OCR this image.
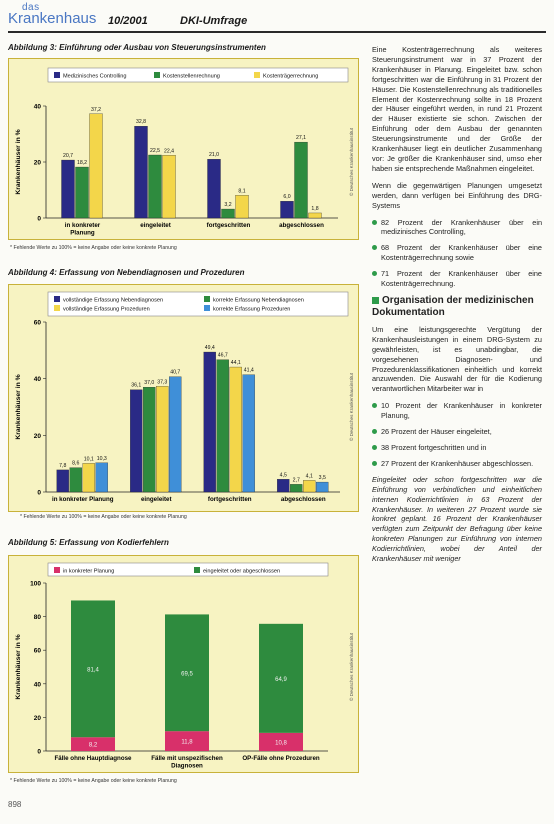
das
Krankenhaus 10/2001	DKI-Umfrage
Abbildung 3: Einführung oder Ausbau von Steuerungsinstrumenten
Medizinisches Controlling	Kostenstellenrechnung	Kostenträgerrechnung
0
20
40
Krankenhäuser in %	© Deutsches Krankenhausinstitut
20,7
18,2
37,2
in konkreter
Planung
32,8
22,5 22,4
eingeleitet
21,0
3,2
8,1
fortgeschritten
6,0
27,1
1,8
abgeschlossen
* Fehlende Werte zu 100% = keine Angabe oder keine konkrete Planung
Abbildung 4: Erfassung von Nebendiagnosen und Prozeduren
vollständige Erfassung Nebendiagnosen	korrekte Erfassung Nebendiagnosen
vollständige Erfassung Prozeduren	korrekte Erfassung Prozeduren
0
20
40
60
Krankenhäuser in %	© Deutsches Krankenhausinstitut
7,8 8,6
10,1 10,3
in konkreter Planung
36,1 37,0 37,3
40,7
eingeleitet
49,4
46,7
44,1
41,4
fortgeschritten
4,5
2,7
4,1 3,5
abgeschlossen
* Fehlende Werte zu 100% = keine Angabe oder keine konkrete Planung
Abbildung 5: Erfassung von Kodierfehlern
in konkreter Planung	eingeleitet oder abgeschlossen
0
20
40
60
80
100
Krankenhäuser in %	© Deutsches Krankenhausinstitut
8,2
81,4
Fälle ohne Hauptdiagnose
11,8
69,5
Fälle mit unspezifischen
Diagnosen
10,8
64,9
OP-Fälle ohne Prozeduren
* Fehlende Werte zu 100% = keine Angabe oder keine konkrete Planung
898

Eine Kostenträgerrechnung als weiteres Steuerungsinstrument war in 37 Prozent der Krankenhäuser in Planung. Eingeleitet bzw. schon fortgeschritten war die Einführung in 31 Prozent der Häuser. Die Kostenstellenrechnung als traditionelles Element der Kostenrechnung sollte in 18 Prozent der Häuser eingeführt werden, in rund 21 Prozent der Häuser existierte sie schon. Zwischen der Einführung oder dem Ausbau der genannten Steuerungsinstrumente und der Größe der Krankenhäuser liegt ein deutlicher Zusammenhang vor: Je größer die Krankenhäuser sind, umso eher haben sie entsprechende Maßnahmen eingeleitet.

Wenn die gegenwärtigen Planungen umgesetzt werden, dann verfügen bei Einführung des DRG-Systems

82 Prozent der Krankenhäuser über ein medizinisches Controlling,
68 Prozent der Krankenhäuser über eine Kostenträgerrechnung sowie
71 Prozent der Krankenhäuser über eine Kostenträgerrechnung.
Organisation der medizinischen Dokumentation

Um eine leistungsgerechte Vergütung der Krankenhausleistungen in einem DRG-System zu gewährleisten, ist es unabdingbar, die vorgesehenen Diagnosen- und Prozedurenklassifikationen einheitlich und korrekt anzuwenden. Die Auswahl der für die Kodierung verantwortlichen Mitarbeiter war in

10 Prozent der Krankenhäuser in konkreter Planung,
26 Prozent der Häuser eingeleitet,
38 Prozent fortgeschritten und in
27 Prozent der Krankenhäuser abgeschlossen.

Eingeleitet oder schon fortgeschritten war die Einführung von verbindlichen und einheitlichen internen Kodierrichtlinien in 63 Prozent der Krankenhäuser. In weiteren 27 Prozent wurde sie konkret geplant. 16 Prozent der Krankenhäuser verfügten zum Zeitpunkt der Befragung über keine konkreten Planungen zur Einführung von internen Kodierrichtlinien, wobei der Anteil der Krankenhäuser mit weniger
